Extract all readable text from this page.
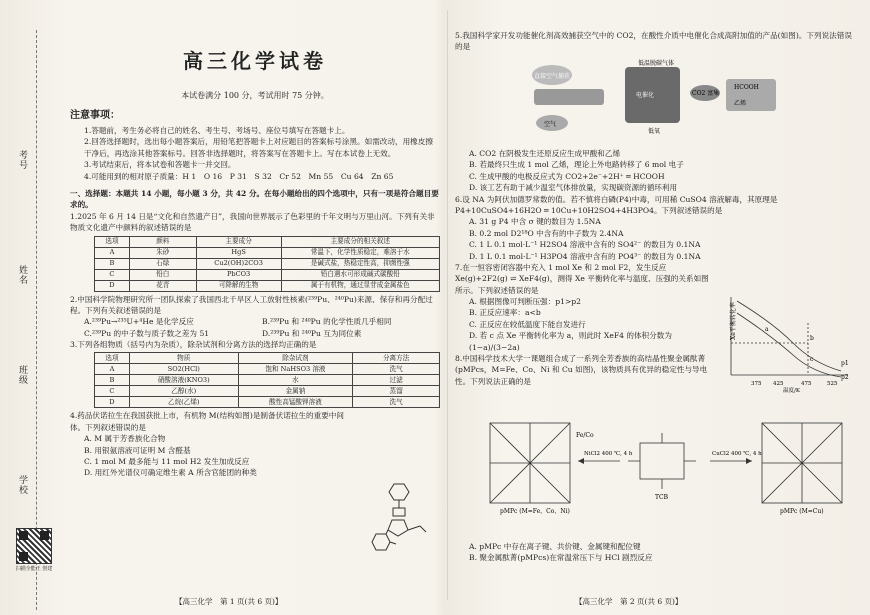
考号
姓名
班级
学校
扫描全能王 创建
高三化学试卷
本试卷满分 100 分，考试用时 75 分钟。
注意事项：

1.答题前，考生务必将自己的姓名、考生号、考场号、座位号填写在答题卡上。

2.回答选择题时，选出每小题答案后，用铅笔把答题卡上对应题目的答案标号涂黑。如需改动，用橡皮擦干净后，再选涂其他答案标号。回答非选择题时，将答案写在答题卡上。写在本试卷上无效。

3.考试结束后，将本试卷和答题卡一并交回。

4.可能用到的相对原子质量：H 1　O 16　P 31　S 32　Cr 52　Mn 55　Cu 64　Zn 65

一、选择题：本题共 14 小题，每小题 3 分，共 42 分。在每小题给出的四个选项中，只有一项是符合题目要求的。

1.2025 年 6 月 14 日是“文化和自然遗产日”，我国向世界展示了色彩里的千年文明与万里山河。下列有关非物质文化遗产中颜料的叙述错误的是

选项	颜料	主要成分	主要成分的相关叙述
A	朱砂	HgS	常温下，化学性质稳定，难溶于水
B	石绿	Cu2(OH)2CO3	是碱式盐，热稳定性高，抑菌性强
C	铅白	PbCO3	铅白遇水可形成碱式碳酸铅
D	花青	可降解的生物	属于有机物，通过显苷成金属盐色

2.中国科学院物理研究所一团队探索了我国西北千旱区人工放射性核素(²³⁹Pu、²⁴⁰Pu)来源、保存和再分配过程。下列有关叙述错误的是

A.²³⁹Pu→²³⁵U+⁴He 是化学反应	B.²³⁹Pu 和 ²⁴⁰Pu 的化学性质几乎相同
C.²³⁹Pu 的中子数与质子数之差为 51	D.²³⁹Pu 和 ²⁴⁰Pu 互为同位素

3.下列各组物质（括号内为杂质），除杂试剂和分离方法的选择均正确的是

选项	物质	除杂试剂	分离方法
A	SO2(HCl)	饱和 NaHSO3 溶液	洗气
B	硝酸溶液(KNO3)	水	过滤
C	乙醇(水)	金属钠	蒸馏
D	乙烷(乙烯)	酸性高锰酸钾溶液	洗气

4.药品伏诺拉生在我国获批上市，有机物 M(结构如图)是制备伏诺拉生的重要中间体。下列叙述错误的是

A. M 属于芳香族化合物

B. 用银氨溶液可证明 M 含醛基

C. 1 mol M 最多能与 11 mol H2 发生加成反应

D. 用红外光谱仪可确定维生素 A 所含官能团的种类

5.我国科学家开发功能催化剂高效捕获空气中的 CO2，在酸性介质中电催化合成高附加值的产品(如图)。下列说法错误的是

直接空气捕获
低温脱碳气体
CO2 富集
电催化
HCOOH
乙烯
空气
低氧

A. CO2 在阴极发生还原反应生成甲酸和乙烯

B. 若最终只生成 1 mol 乙烯，理论上外电路转移了 6 mol 电子

C. 生成甲酸的电极反应式为 CO2+2e⁻+2H⁺ ═ HCOOH

D. 该工艺有助于减少温室气体排放量，实现碳资源的循环利用

6.设 NA 为阿伏加德罗常数的值。若不慎将白磷(P4)中毒，可用稀 CuSO4 溶液解毒，其原理是 P4+10CuSO4+16H2O ═ 10Cu+10H2SO4+4H3PO4。下列叙述错误的是

A. 31 g P4 中含 σ 键的数目为 1.5NA

B. 0.2 mol D2¹⁸O 中含有的中子数为 2.4NA

C. 1 L 0.1 mol·L⁻¹ H2SO4 溶液中含有的 SO4²⁻ 的数目为 0.1NA

D. 1 L 0.1 mol·L⁻¹ H3PO4 溶液中含有的 PO4³⁻ 的数目为 0.1NA

7.在一恒容密闭容器中充入 1 mol Xe 和 2 mol F2，发生反应 Xe(g)+2F2(g) ⇌ XeF4(g)，测得 Xe 平衡转化率与温度、压强的关系如图所示。下列叙述错误的是

A. 根据图像可判断压强：p1>p2

B. 正反应速率：a<b

C. 正反应在较低温度下能自发进行

D. 若 c 点 Xe 平衡转化率为 a，则此时 XeF4 的体积分数为 (1−a)/(3−2a)

8.中国科学技术大学一课题组合成了一系列全芳香族的高结晶性聚金属酞菁(pMPcs，M=Fe、Co、Ni 和 Cu 如图)，该物质具有优异的稳定性与导电性。下列说法正确的是

Xe平衡转化率
375 425	475	525
p1
p2
a
b
c
温度/K
pMPc (M=Fe、Co、Ni)
TCB
NiCl2 400 ℃, 4 h	CuCl2 400 ℃, 4 h
pMPc (M=Cu)
Fe/Co

A. pMPc 中存在离子键、共价键、金属键和配位键

B. 聚金属酞菁(pMPcs)在常温常压下与 HCl 剧烈反应

【高三化学　第 1 页(共 6 页)】	【高三化学　第 2 页(共 6 页)】
